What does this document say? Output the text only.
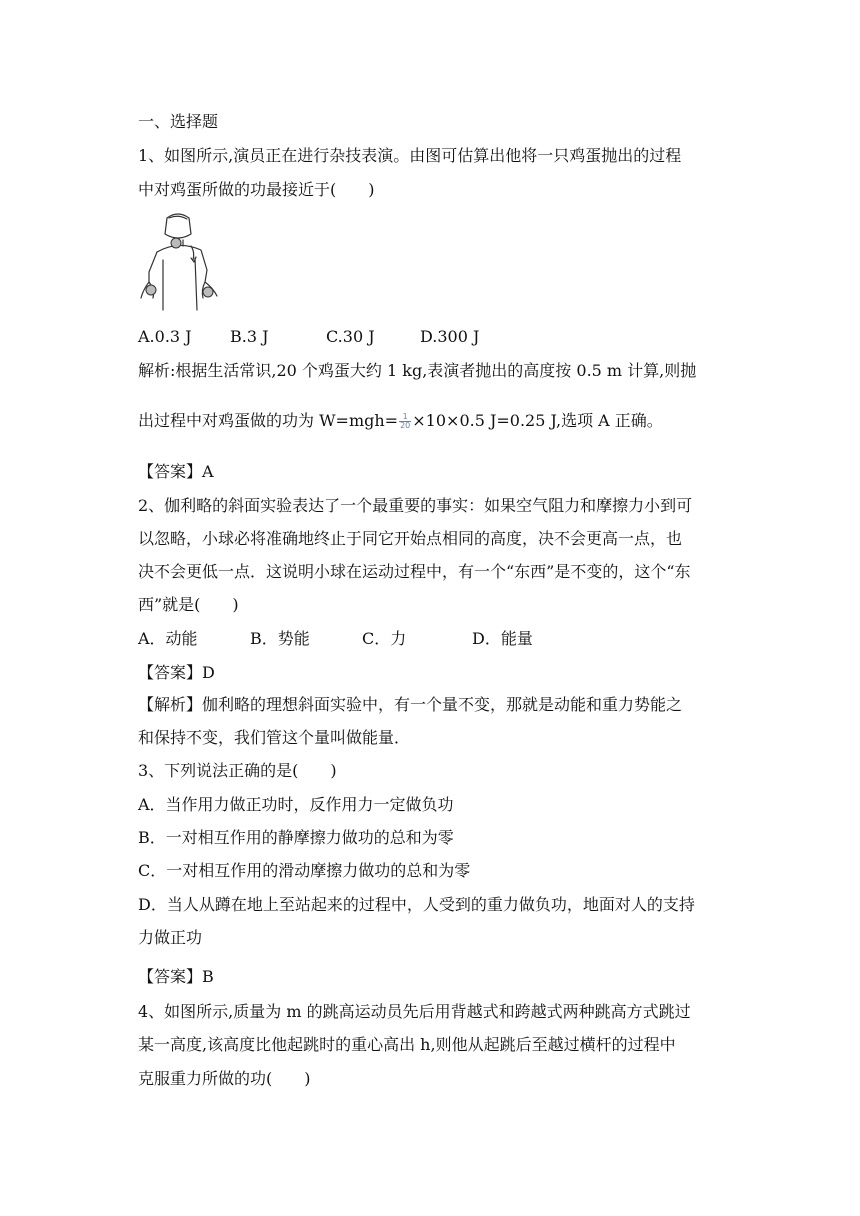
一、选择题
1、如图所示,演员正在进行杂技表演。由图可估算出他将一只鸡蛋抛出的过程
中对鸡蛋所做的功最接近于(　　)
A.0.3 J B.3 J	C.30 J	D.300 J
解析:根据生活常识,20 个鸡蛋大约 1 kg,表演者抛出的高度按 0.5 m 计算,则抛
出过程中对鸡蛋做的功为 $W=mgh= \frac{1}{20} \times 10\times 0.5$ J=0.25 J,选项 A 正确。
【答案】A
2、伽利略的斜面实验表达了一个最重要的事实：如果空气阻力和摩擦力小到可
以忽略，小球必将准确地终止于同它开始点相同的高度，决不会更高一点，也
决不会更低一点．这说明小球在运动过程中，有一个“东西”是不变的，这个“东
西”就是(　　)
A．动能	B．势能	C．力	D．能量
【答案】D
【解析】伽利略的理想斜面实验中，有一个量不变，那就是动能和重力势能之
和保持不变，我们管这个量叫做能量．
3、下列说法正确的是(　　)
A．当作用力做正功时，反作用力一定做负功
B．一对相互作用的静摩擦力做功的总和为零
C．一对相互作用的滑动摩擦力做功的总和为零
D．当人从蹲在地上至站起来的过程中，人受到的重力做负功，地面对人的支持
力做正功
【答案】B
4、如图所示,质量为 m 的跳高运动员先后用背越式和跨越式两种跳高方式跳过
某一高度,该高度比他起跳时的重心高出 h,则他从起跳后至越过横杆的过程中
克服重力所做的功(　　)
